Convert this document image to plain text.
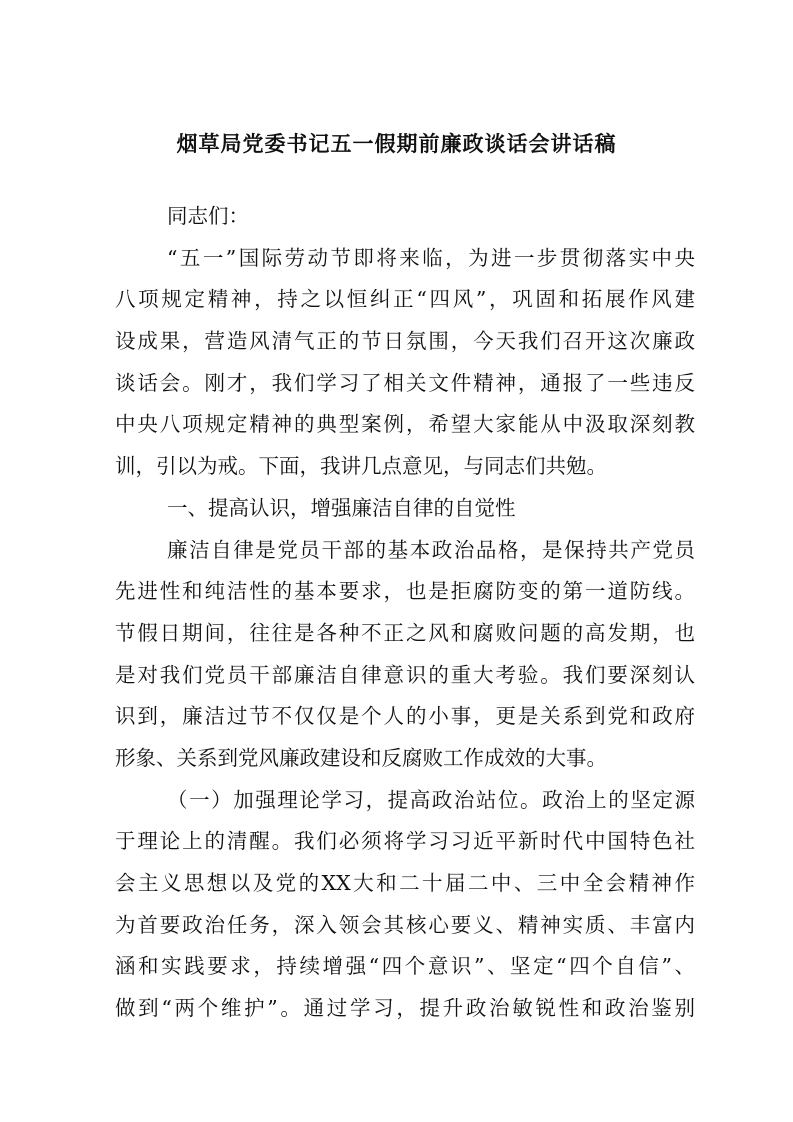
烟草局党委书记五一假期前廉政谈话会讲话稿
同志们：
“五一”国际劳动节即将来临，为进一步贯彻落实中央
八项规定精神，持之以恒纠正“四风”，巩固和拓展作风建
设成果，营造风清气正的节日氛围，今天我们召开这次廉政
谈话会。刚才，我们学习了相关文件精神，通报了一些违反
中央八项规定精神的典型案例，希望大家能从中汲取深刻教
训，引以为戒。下面，我讲几点意见，与同志们共勉。
一、提高认识，增强廉洁自律的自觉性
廉洁自律是党员干部的基本政治品格，是保持共产党员
先进性和纯洁性的基本要求，也是拒腐防变的第一道防线。
节假日期间，往往是各种不正之风和腐败问题的高发期，也
是对我们党员干部廉洁自律意识的重大考验。我们要深刻认
识到，廉洁过节不仅仅是个人的小事，更是关系到党和政府
形象、关系到党风廉政建设和反腐败工作成效的大事。
（一）加强理论学习，提高政治站位。政治上的坚定源
于理论上的清醒。我们必须将学习习近平新时代中国特色社
会主义思想以及党的XX大和二十届二中、三中全会精神作
为首要政治任务，深入领会其核心要义、精神实质、丰富内
涵和实践要求，持续增强“四个意识”、坚定“四个自信”、
做到“两个维护”。通过学习，提升政治敏锐性和政治鉴别
